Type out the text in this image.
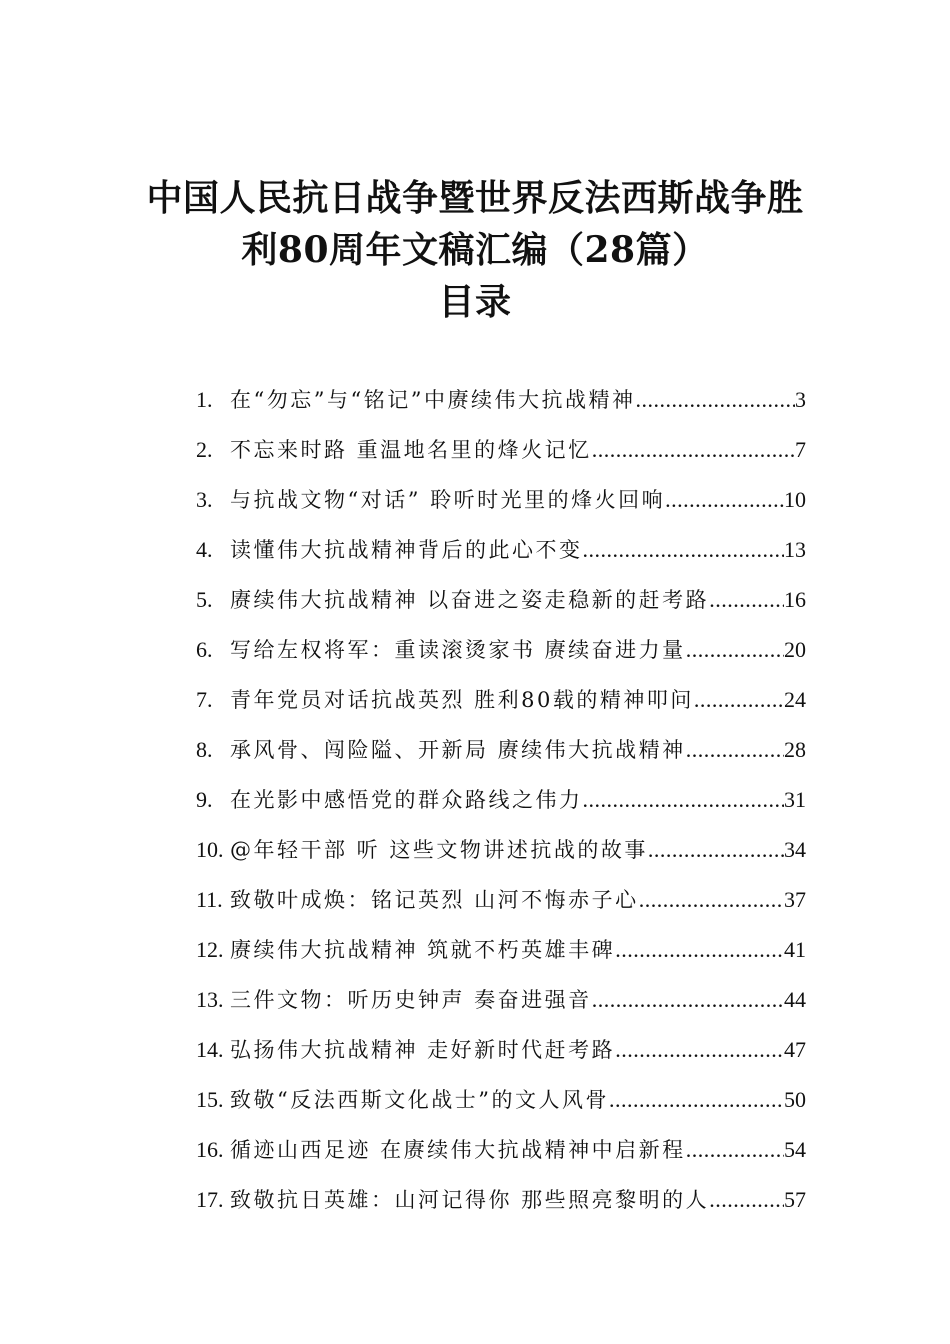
中国人民抗日战争暨世界反法西斯战争胜

利80周年文稿汇编（28篇）

目录

1. 在“勿忘”与“铭记”中赓续伟大抗战精神 .....	3
2. 不忘来时路 重温地名里的烽火记忆 .....	7
3. 与抗战文物“对话” 聆听时光里的烽火回响 .....	10
4. 读懂伟大抗战精神背后的此心不变 .....	13
5. 赓续伟大抗战精神 以奋进之姿走稳新的赶考路 .....	16
6. 写给左权将军：重读滚烫家书 赓续奋进力量 .....	20
7. 青年党员对话抗战英烈 胜利80载的精神叩问 .....	24
8. 承风骨、闯险隘、开新局 赓续伟大抗战精神 .....	28
9. 在光影中感悟党的群众路线之伟力 .....	31
10. @年轻干部 听 这些文物讲述抗战的故事 .....	34
11. 致敬叶成焕：铭记英烈 山河不悔赤子心 .....	37
12. 赓续伟大抗战精神 筑就不朽英雄丰碑 .....	41
13. 三件文物：听历史钟声 奏奋进强音 .....	44
14. 弘扬伟大抗战精神 走好新时代赶考路 .....	47
15. 致敬“反法西斯文化战士”的文人风骨 .....	50
16. 循迹山西足迹 在赓续伟大抗战精神中启新程 .....	54
17. 致敬抗日英雄：山河记得你 那些照亮黎明的人 .....	57
